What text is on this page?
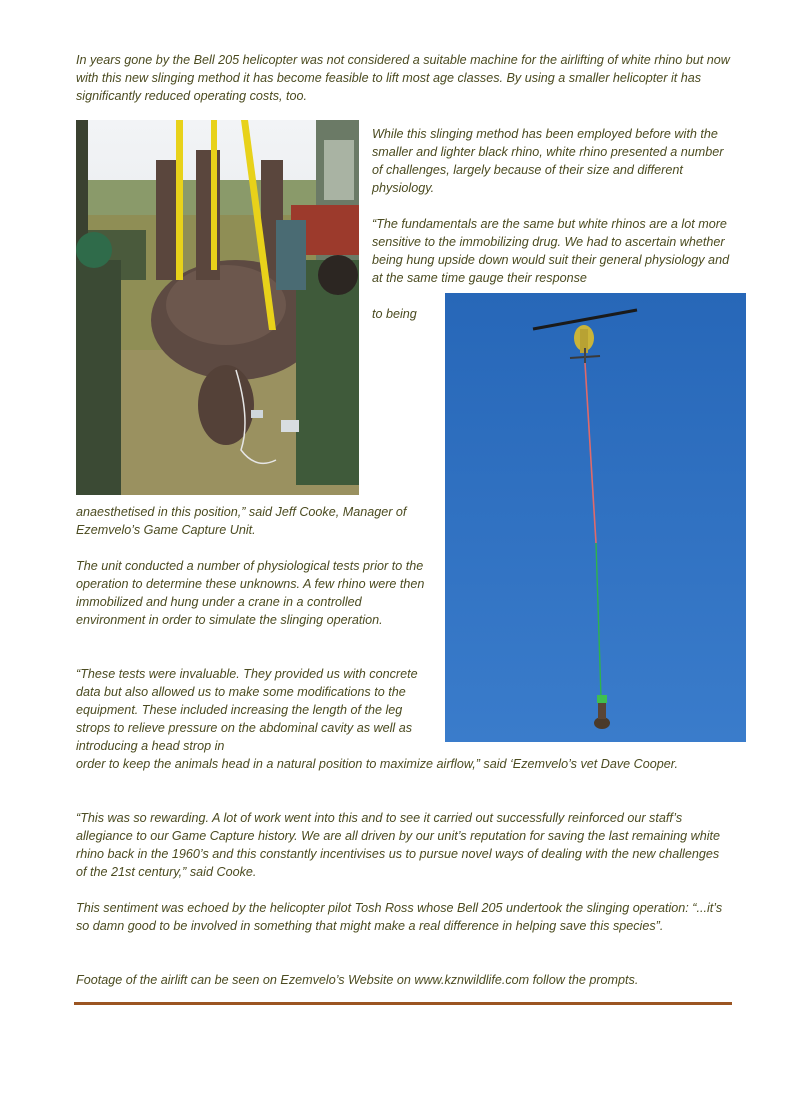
In years gone by the Bell 205 helicopter was not considered a suitable machine for the airlifting of white rhino but now with this new slinging method it has become feasible to lift most age classes. By using a smaller helicopter it has significantly reduced operating costs, too.

While this slinging method has been employed before with the smaller and lighter black rhino, white rhino presented a number of challenges, largely because of their size and different physiology.

“The fundamentals are the same but white rhinos are a lot more sensitive to the immobilizing drug. We had to ascertain whether being hung upside down would suit their general physiology and at the same time gauge their response

to being

anaesthetised in this position,” said Jeff Cooke, Manager of Ezemvelo’s Game Capture Unit.

The unit conducted a number of physiological tests prior to the operation to determine these unknowns. A few rhino were then immobilized and hung under a crane in a controlled environment in order to simulate the slinging operation.

“These tests were invaluable. They provided us with concrete data but also allowed us to make some modifications to the equipment. These included increasing the length of the leg strops to relieve pressure on the abdominal cavity as well as introducing a head strop in

order to keep the animals head in a natural position to maximize airflow,” said ‘Ezemvelo’s vet Dave Cooper.

“This was so rewarding. A lot of work went into this and to see it carried out successfully reinforced our staff’s allegiance to our Game Capture history. We are all driven by our unit’s reputation for saving the last remaining white rhino back in the 1960’s and this constantly incentivises us to pursue novel ways of dealing with the new challenges of the 21st century,” said Cooke.

This sentiment was echoed by the helicopter pilot Tosh Ross whose Bell 205 undertook the slinging operation: “...it’s so damn good to be involved in something that might make a real difference in helping save this species”.

Footage of the airlift can be seen on Ezemvelo’s Website on www.kznwildlife.com follow the prompts.
